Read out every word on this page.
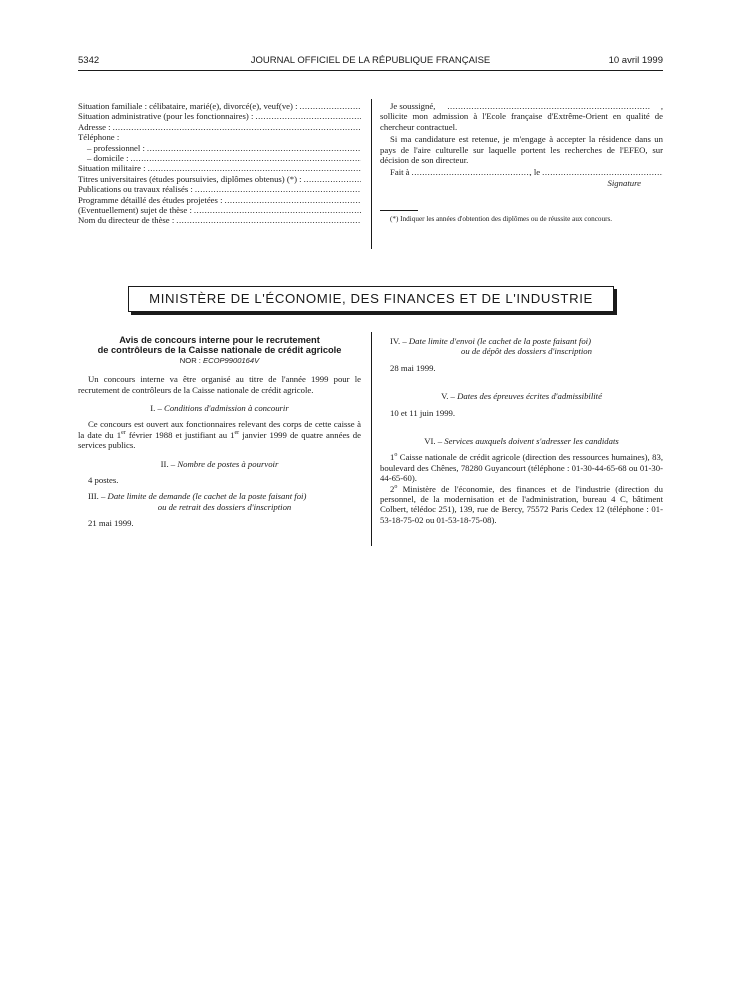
5342	JOURNAL OFFICIEL DE LA RÉPUBLIQUE FRANÇAISE	10 avril 1999
Situation familiale : célibataire, marié(e), divorcé(e), veuf(ve) :
.....
Situation administrative (pour les fonctionnaires) :
.....
Adresse :
.....
Téléphone :
– professionnel :
.....
– domicile :
.....
Situation militaire :
.....
Titres universitaires (études poursuivies, diplômes obtenus) (*) :
.....
Publications ou travaux réalisés :
.....
Programme détaillé des études projetées :
.....
(Eventuellement) sujet de thèse :
.....
Nom du directeur de thèse :
.....
Je soussigné, .....	,

sollicite mon admission à l'Ecole française d'Extrême-Orient en qualité de chercheur contractuel.

Si ma candidature est retenue, je m'engage à accepter la résidence dans un pays de l'aire culturelle sur laquelle portent les recherches de l'EFEO, sur décision de son directeur.

Fait à .....	, le
.....
Signature
(*) Indiquer les années d'obtention des diplômes ou de réussite aux concours.
MINISTÈRE DE L'ÉCONOMIE, DES FINANCES ET DE L'INDUSTRIE
Avis de concours interne pour le recrutement
de contrôleurs de la Caisse nationale de crédit agricole
NOR : ECOP9900164V

Un concours interne va être organisé au titre de l'année 1999 pour le recrutement de contrôleurs de la Caisse nationale de crédit agricole.

I. – Conditions d'admission à concourir

Ce concours est ouvert aux fonctionnaires relevant des corps de cette caisse à la date du 1er février 1988 et justifiant au 1er janvier 1999 de quatre années de services publics.

II. – Nombre de postes à pourvoir

4 postes.

III. – Date limite de demande (le cachet de la poste faisant foi)

ou de retrait des dossiers d'inscription

21 mai 1999.

IV. – Date limite d'envoi (le cachet de la poste faisant foi)

ou de dépôt des dossiers d'inscription

28 mai 1999.

V. – Dates des épreuves écrites d'admissibilité

10 et 11 juin 1999.

VI. – Services auxquels doivent s'adresser les candidats

1$^o$ Caisse nationale de crédit agricole (direction des ressources humaines), 83, boulevard des Chênes, 78280 Guyancourt (téléphone : 01-30-44-65-68 ou 01-30-44-65-60).

2$^o$ Ministère de l'économie, des finances et de l'industrie (direction du personnel, de la modernisation et de l'administration, bureau 4 C, bâtiment Colbert, télédoc 251), 139, rue de Bercy, 75572 Paris Cedex 12 (téléphone : 01-53-18-75-02 ou 01-53-18-75-08).
